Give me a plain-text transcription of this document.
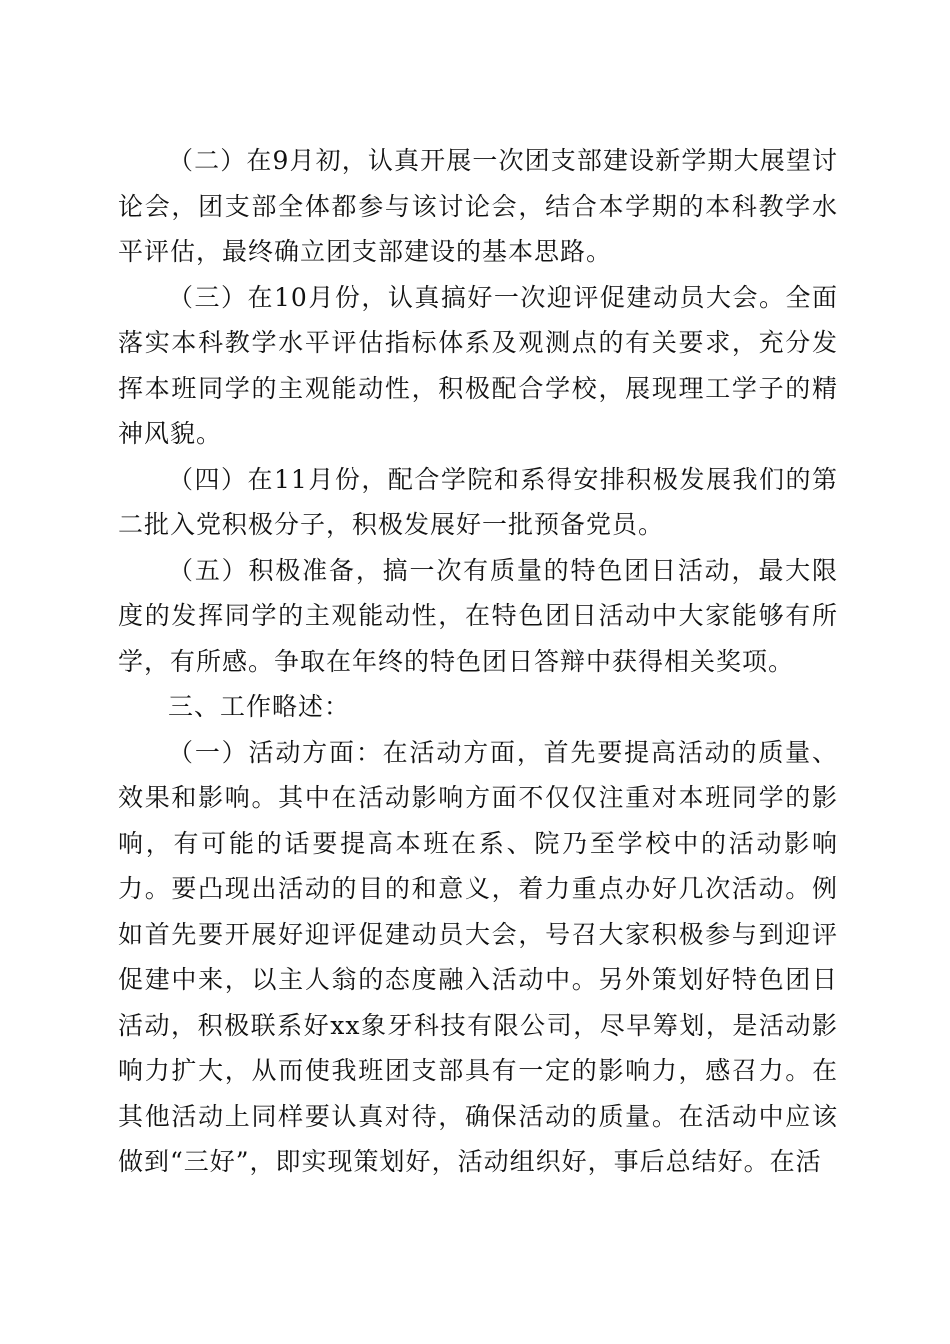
（二）在9月初，认真开展一次团支部建设新学期大展望讨论会，团支部全体都参与该讨论会，结合本学期的本科教学水平评估，最终确立团支部建设的基本思路。

（三）在10月份，认真搞好一次迎评促建动员大会。全面落实本科教学水平评估指标体系及观测点的有关要求，充分发挥本班同学的主观能动性，积极配合学校，展现理工学子的精神风貌。

（四）在11月份，配合学院和系得安排积极发展我们的第二批入党积极分子，积极发展好一批预备党员。

（五）积极准备，搞一次有质量的特色团日活动，最大限度的发挥同学的主观能动性，在特色团日活动中大家能够有所学，有所感。争取在年终的特色团日答辩中获得相关奖项。

三、工作略述：

（一）活动方面：在活动方面，首先要提高活动的质量、效果和影响。其中在活动影响方面不仅仅注重对本班同学的影响，有可能的话要提高本班在系、院乃至学校中的活动影响力。要凸现出活动的目的和意义，着力重点办好几次活动。例如首先要开展好迎评促建动员大会，号召大家积极参与到迎评促建中来，以主人翁的态度融入活动中。另外策划好特色团日活动，积极联系好xx象牙科技有限公司，尽早筹划，是活动影响力扩大，从而使我班团支部具有一定的影响力，感召力。在其他活动上同样要认真对待，确保活动的质量。在活动中应该做到“三好”，即实现策划好，活动组织好，事后总结好。在活
